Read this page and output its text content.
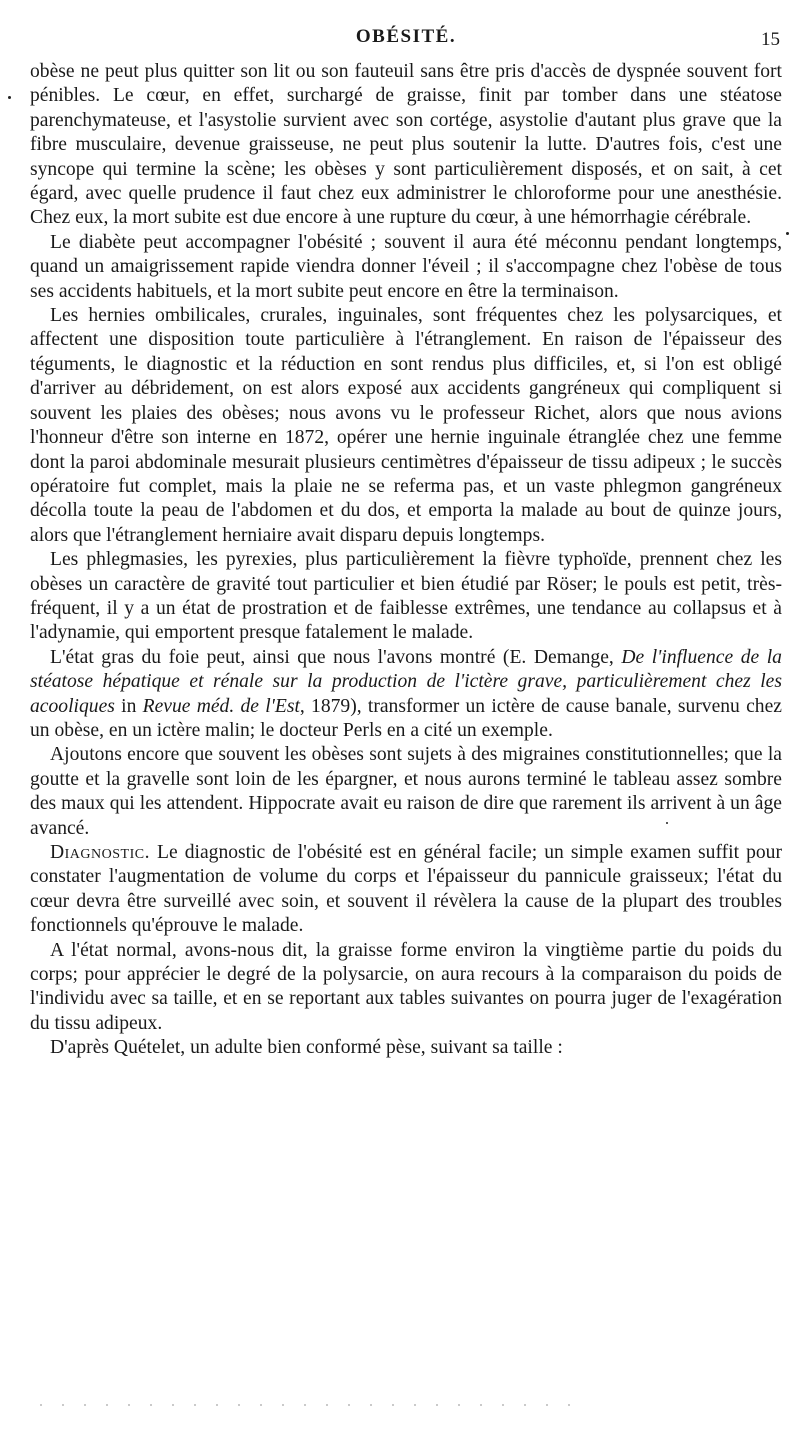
OBÉSITÉ.	15

obèse ne peut plus quitter son lit ou son fauteuil sans être pris d'accès de dyspnée souvent fort pénibles. Le cœur, en effet, surchargé de graisse, finit par tomber dans une stéatose parenchymateuse, et l'asystolie survient avec son cortége, asystolie d'autant plus grave que la fibre musculaire, devenue graisseuse, ne peut plus soutenir la lutte. D'autres fois, c'est une syncope qui termine la scène; les obèses y sont particulièrement disposés, et on sait, à cet égard, avec quelle prudence il faut chez eux administrer le chloroforme pour une anesthésie. Chez eux, la mort subite est due encore à une rupture du cœur, à une hémorrhagie cérébrale.

Le diabète peut accompagner l'obésité ; souvent il aura été méconnu pendant longtemps, quand un amaigrissement rapide viendra donner l'éveil ; il s'accompagne chez l'obèse de tous ses accidents habituels, et la mort subite peut encore en être la terminaison.

Les hernies ombilicales, crurales, inguinales, sont fréquentes chez les polysarciques, et affectent une disposition toute particulière à l'étranglement. En raison de l'épaisseur des téguments, le diagnostic et la réduction en sont rendus plus difficiles, et, si l'on est obligé d'arriver au débridement, on est alors exposé aux accidents gangréneux qui compliquent si souvent les plaies des obèses; nous avons vu le professeur Richet, alors que nous avions l'honneur d'être son interne en 1872, opérer une hernie inguinale étranglée chez une femme dont la paroi abdominale mesurait plusieurs centimètres d'épaisseur de tissu adipeux ; le succès opératoire fut complet, mais la plaie ne se referma pas, et un vaste phlegmon gangréneux décolla toute la peau de l'abdomen et du dos, et emporta la malade au bout de quinze jours, alors que l'étranglement herniaire avait disparu depuis longtemps.

Les phlegmasies, les pyrexies, plus particulièrement la fièvre typhoïde, prennent chez les obèses un caractère de gravité tout particulier et bien étudié par Röser; le pouls est petit, très-fréquent, il y a un état de prostration et de faiblesse extrêmes, une tendance au collapsus et à l'adynamie, qui emportent presque fatalement le malade.

L'état gras du foie peut, ainsi que nous l'avons montré (E. Demange, De l'influence de la stéatose hépatique et rénale sur la production de l'ictère grave, particulièrement chez les acooliques in Revue méd. de l'Est, 1879), transformer un ictère de cause banale, survenu chez un obèse, en un ictère malin; le docteur Perls en a cité un exemple.

Ajoutons encore que souvent les obèses sont sujets à des migraines constitutionnelles; que la goutte et la gravelle sont loin de les épargner, et nous aurons terminé le tableau assez sombre des maux qui les attendent. Hippocrate avait eu raison de dire que rarement ils arrivent à un âge avancé.

Diagnostic. Le diagnostic de l'obésité est en général facile; un simple examen suffit pour constater l'augmentation de volume du corps et l'épaisseur du pannicule graisseux; l'état du cœur devra être surveillé avec soin, et souvent il révèlera la cause de la plupart des troubles fonctionnels qu'éprouve le malade.

A l'état normal, avons-nous dit, la graisse forme environ la vingtième partie du poids du corps; pour apprécier le degré de la polysarcie, on aura recours à la comparaison du poids de l'individu avec sa taille, et en se reportant aux tables suivantes on pourra juger de l'exagération du tissu adipeux.

D'après Quételet, un adulte bien conformé pèse, suivant sa taille :
